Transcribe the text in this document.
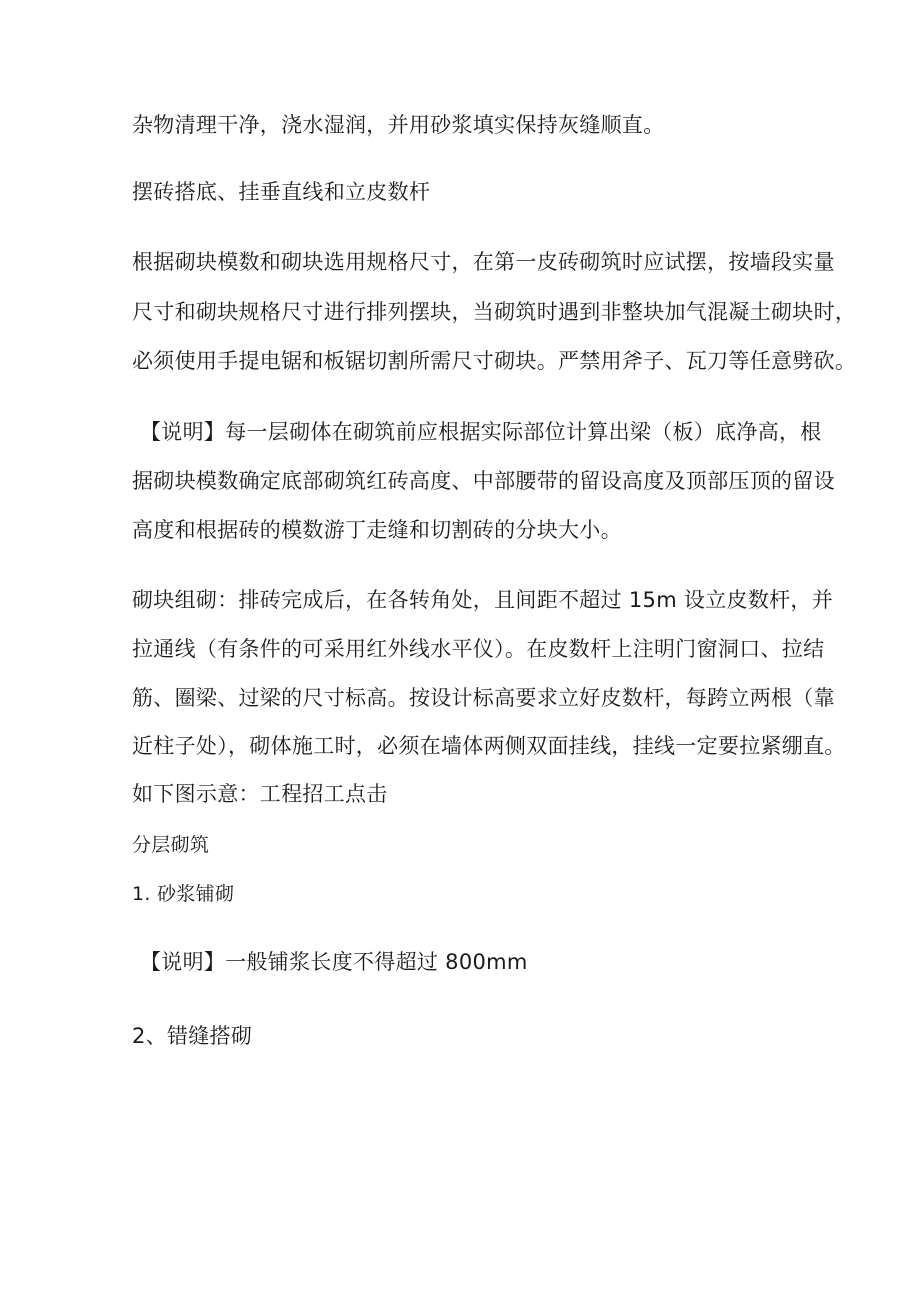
杂物清理干净，浇水湿润，并用砂浆填实保持灰缝顺直。
摆砖搭底、挂垂直线和立皮数杆
根据砌块模数和砌块选用规格尺寸，在第一皮砖砌筑时应试摆，按墙段实量
尺寸和砌块规格尺寸进行排列摆块，当砌筑时遇到非整块加气混凝土砌块时，
必须使用手提电锯和板锯切割所需尺寸砌块。严禁用斧子、瓦刀等任意劈砍。
【说明】每一层砌体在砌筑前应根据实际部位计算出梁（板）底净高，根
据砌块模数确定底部砌筑红砖高度、中部腰带的留设高度及顶部压顶的留设
高度和根据砖的模数游丁走缝和切割砖的分块大小。
砌块组砌：排砖完成后，在各转角处，且间距不超过 15m 设立皮数杆，并
拉通线（有条件的可采用红外线水平仪）。在皮数杆上注明门窗洞口、拉结
筋、圈梁、过梁的尺寸标高。按设计标高要求立好皮数杆，每跨立两根（靠
近柱子处），砌体施工时，必须在墙体两侧双面挂线，挂线一定要拉紧绷直。
如下图示意：工程招工点击
分层砌筑
1. 砂浆铺砌
【说明】一般铺浆长度不得超过 800mm
2、错缝搭砌
